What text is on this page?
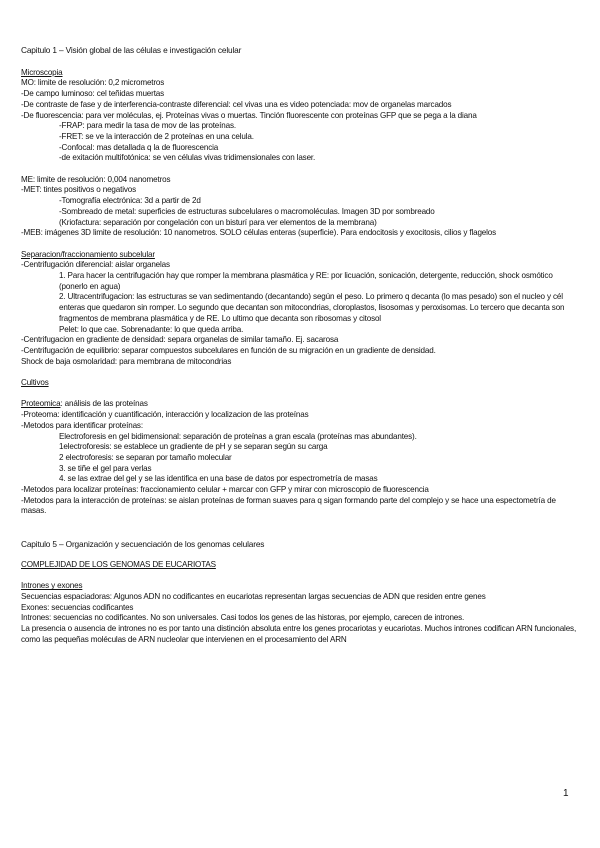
Capitulo 1 – Visión global de las células e investigación celular
Microscopia
MO: limite de resolución: 0,2 micrometros
-De campo luminoso: cel teñidas muertas
-De contraste de fase y de interferencia-contraste diferencial: cel vivas una es video potenciada: mov de organelas marcados
-De fluorescencia: para ver moléculas, ej. Proteínas vivas o muertas. Tinción fluorescente con proteínas GFP que se pega a la diana
-FRAP: para medir la tasa de mov de las proteínas.
-FRET: se ve la interacción de 2 proteínas en una celula.
-Confocal: mas detallada q la de fluorescencia
-de exitación multifotónica: se ven células vivas tridimensionales con laser.
ME: limite de resolución: 0,004 nanometros
-MET: tintes positivos o negativos
-Tomografía electrónica: 3d a partir de 2d
-Sombreado de metal: superficies de estructuras subcelulares o macromoléculas. Imagen 3D por sombreado
(Kriofactura: separación por congelación con un bisturí para ver elementos de la membrana)
-MEB: imágenes 3D limite de resolución: 10 nanometros. SOLO células enteras (superficie). Para endocitosis y exocitosis, cilios y flagelos
Separacion/fraccionamiento subcelular
-Centrifugación diferencial: aislar organelas
1. Para hacer la centrifugación hay que romper la membrana plasmática y RE: por licuación, sonicación, detergente, reducción, shock osmótico (ponerlo en agua)
2. Ultracentrifugacion: las estructuras se van sedimentando (decantando) según el peso. Lo primero q decanta (lo mas pesado) son el nucleo y cél enteras que quedaron sin romper. Lo segundo que decantan son mitocondrias, cloroplastos, lisosomas y peroxisomas. Lo tercero que decanta son fragmentos de membrana plasmática y de RE. Lo ultimo que decanta son ribosomas y citosol
Pelet: lo que cae. Sobrenadante: lo que queda arriba.
-Centrifugacion en gradiente de densidad: separa organelas de similar tamaño. Ej. sacarosa
-Centrifugación de equilibrio: separar compuestos subcelulares en función de su migración en un gradiente de densidad.
Shock de baja osmolaridad: para membrana de mitocondrias
Cultivos
Proteomica: análisis de las proteínas
-Proteoma: identificación y cuantificación, interacción y localizacion de las proteínas
-Metodos para identificar proteínas:
Electroforesis en gel bidimensional: separación de proteínas a gran escala (proteínas mas abundantes).
1electroforesis: se establece un gradiente de pH y se separan según su carga
2 electroforesis: se separan por tamaño molecular
3. se tiñe el gel para verlas
4. se las extrae del gel y se las identifica en una base de datos por espectrometría de masas
-Metodos para localizar proteínas: fraccionamiento celular + marcar con GFP y mirar con microscopio de fluorescencia
-Metodos para la interacción de proteínas: se aislan proteínas de forman suaves para q sigan formando parte del complejo y se hace una espectometría de masas.
Capitulo 5 – Organización y secuenciación de los genomas celulares
COMPLEJIDAD DE LOS GENOMAS DE EUCARIOTAS
Intrones y exones
Secuencias espaciadoras: Algunos ADN no codificantes en eucariotas representan largas secuencias de ADN que residen entre genes
Exones: secuencias codificantes
Intrones: secuencias no codificantes. No son universales. Casi todos los genes de las historas, por ejemplo, carecen de intrones.
La presencia o ausencia de intrones no es por tanto una distinción absoluta entre los genes procariotas y eucariotas. Muchos intrones codifican ARN funcionales, como las pequeñas moléculas de ARN nucleolar que intervienen en el procesamiento del ARN
1
